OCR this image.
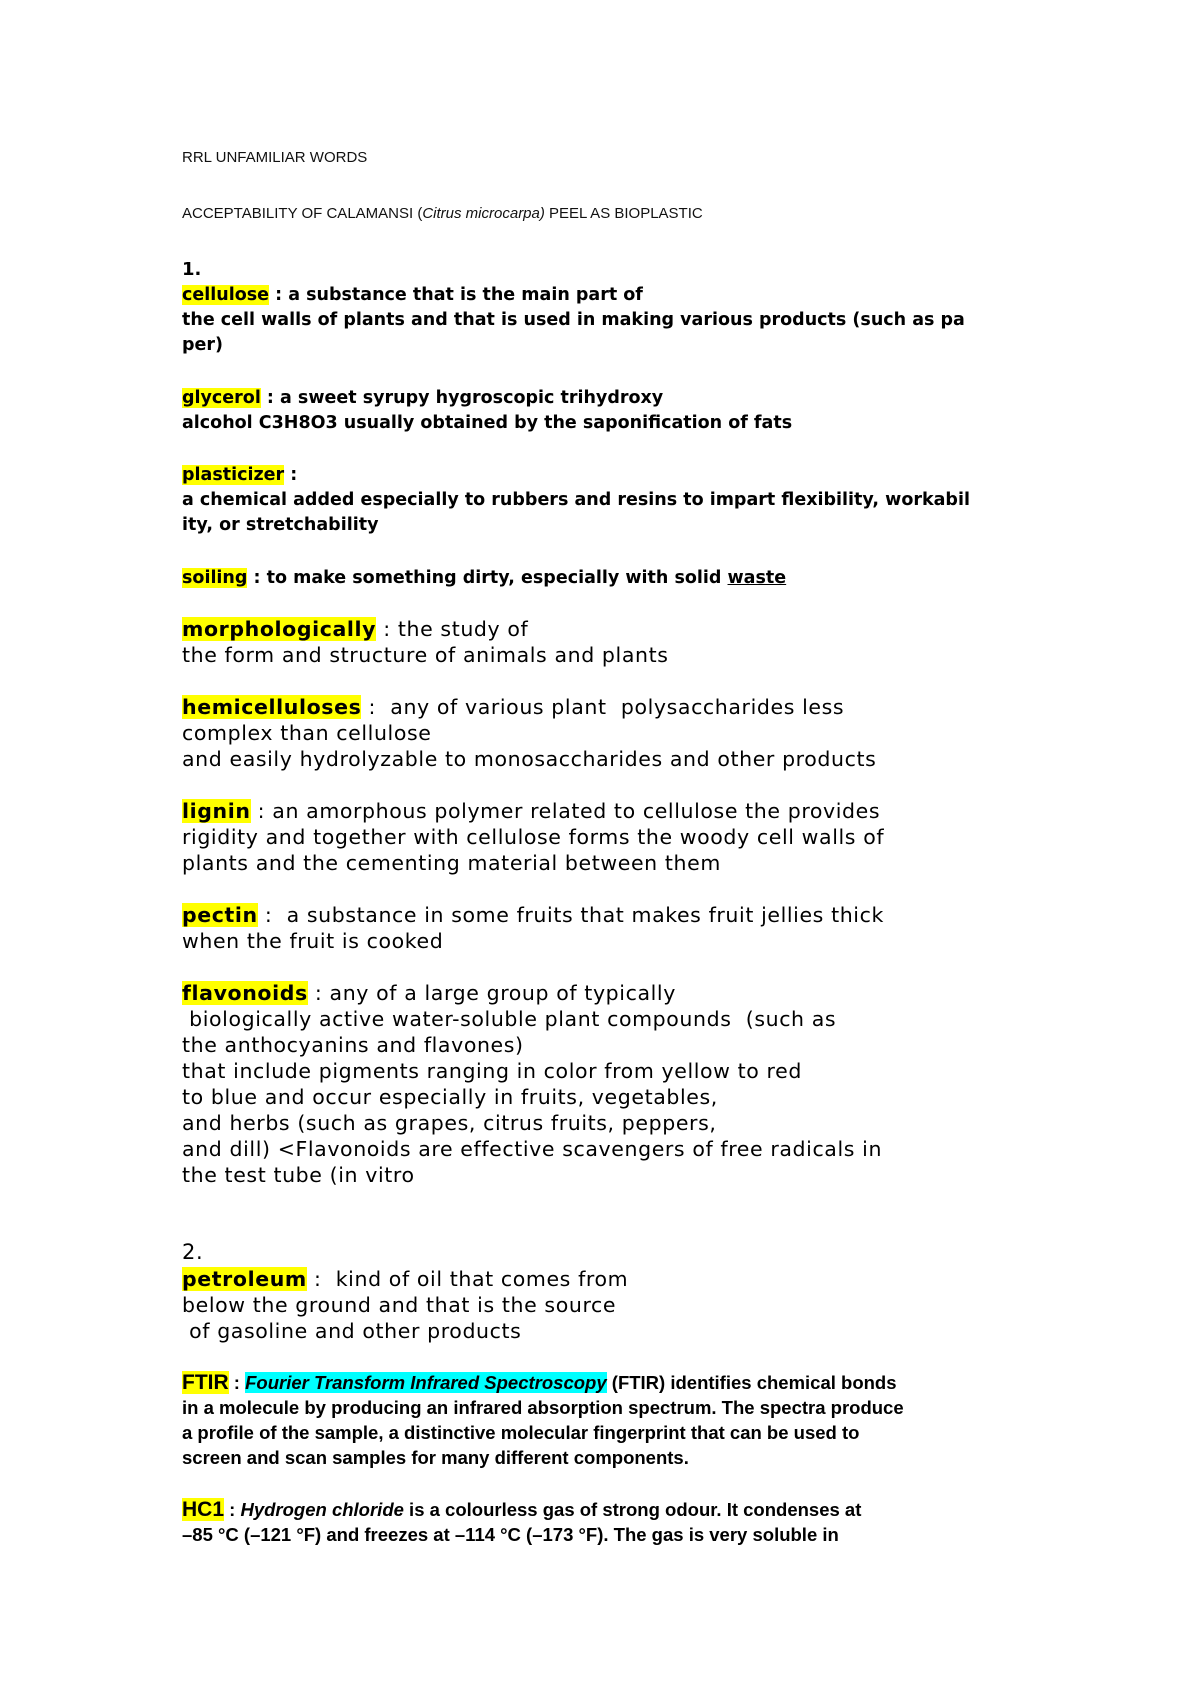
RRL UNFAMILIAR WORDS
ACCEPTABILITY OF CALAMANSI (Citrus microcarpa) PEEL AS BIOPLASTIC
1.
cellulose : a substance that is the main part of
the cell walls of plants and that is used in making various products (such as pa
per)
glycerol : a sweet syrupy hygroscopic trihydroxy
alcohol C3H8O3 usually obtained by the saponification of fats
plasticizer :
a chemical added especially to rubbers and resins to impart flexibility, workabil
ity, or stretchability
soiling : to make something dirty, especially with solid waste
morphologically : the study of
the form and structure of animals and plants
hemicelluloses :  any of various plant  polysaccharides less
complex than cellulose
and easily hydrolyzable to monosaccharides and other products
lignin : an amorphous polymer related to cellulose the provides
rigidity and together with cellulose forms the woody cell walls of
plants and the cementing material between them
pectin :  a substance in some fruits that makes fruit jellies thick
when the fruit is cooked
flavonoids : any of a large group of typically
biologically active water-soluble plant compounds  (such as
the anthocyanins and flavones)
that include pigments ranging in color from yellow to red
to blue and occur especially in fruits, vegetables,
and herbs (such as grapes, citrus fruits, peppers,
and dill) <Flavonoids are effective scavengers of free radicals in
the test tube (in vitro
2.
petroleum :  kind of oil that comes from
below the ground and that is the source
of gasoline and other products
FTIR : Fourier Transform Infrared Spectroscopy (FTIR) identifies chemical bonds
in a molecule by producing an infrared absorption spectrum. The spectra produce
a profile of the sample, a distinctive molecular fingerprint that can be used to
screen and scan samples for many different components.
HC1 : Hydrogen chloride is a colourless gas of strong odour. It condenses at
–85 °C (–121 °F) and freezes at –114 °C (–173 °F). The gas is very soluble in
